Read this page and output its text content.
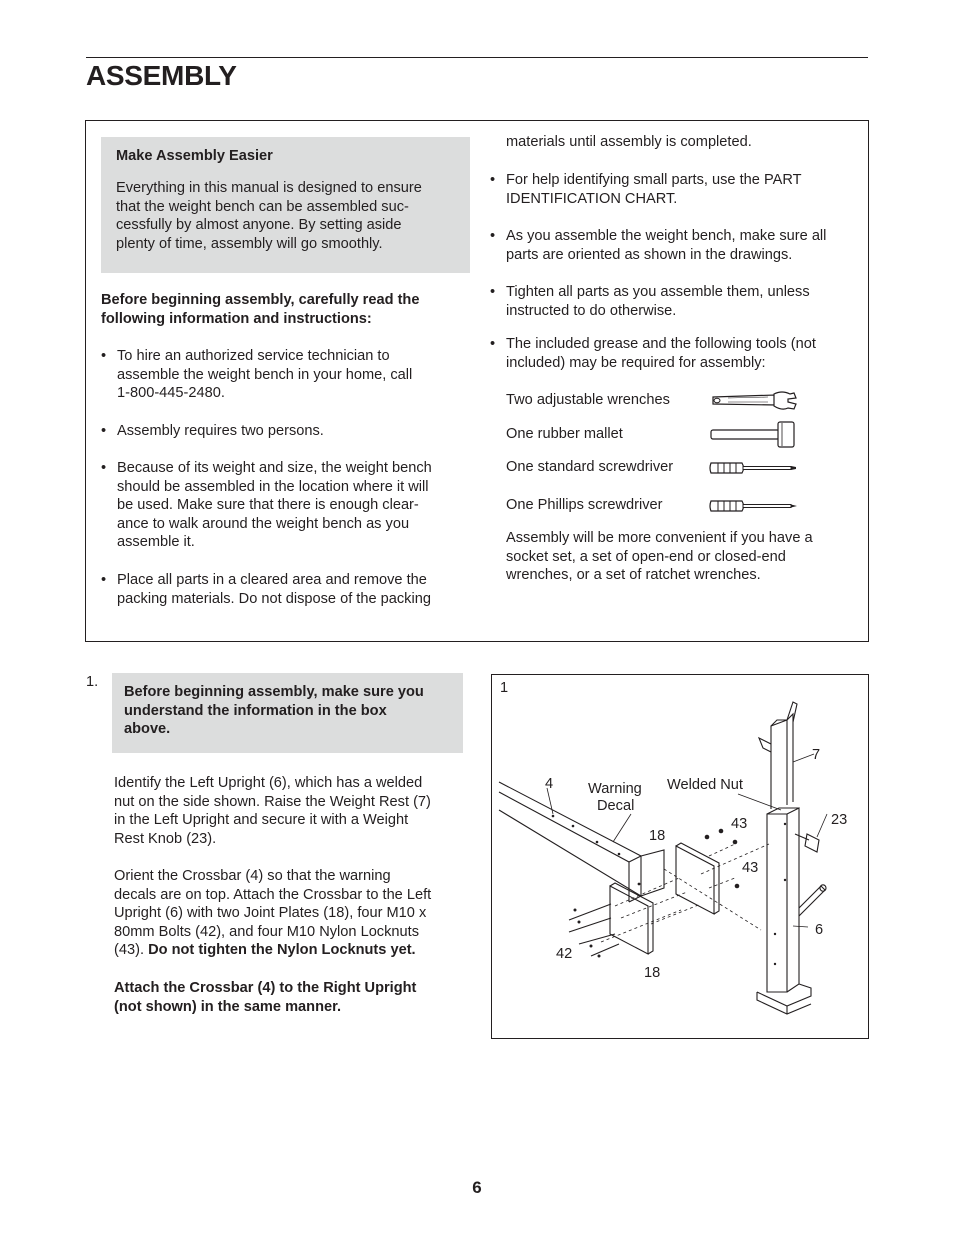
ASSEMBLY
Make Assembly Easier
Everything in this manual is designed to ensure
that the weight bench can be assembled suc-
cessfully by almost anyone. By setting aside
plenty of time, assembly will go smoothly.
Before beginning assembly, carefully read the
following information and instructions:
• To hire an authorized service technician to
assemble the weight bench in your home, call
1-800-445-2480.
• Assembly requires two persons.
• Because of its weight and size, the weight bench
should be assembled in the location where it will
be used. Make sure that there is enough clear-
ance to walk around the weight bench as you
assemble it.
• Place all parts in a cleared area and remove the
packing materials. Do not dispose of the packing
materials until assembly is completed.
• For help identifying small parts, use the PART
IDENTIFICATION CHART.
• As you assemble the weight bench, make sure all
parts are oriented as shown in the drawings.
• Tighten all parts as you assemble them, unless
instructed to do otherwise.
• The included grease and the following tools (not
included) may be required for assembly:
Two adjustable wrenches
One rubber mallet
One standard screwdriver
One Phillips screwdriver
Assembly will be more convenient if you have a
socket set, a set of open-end or closed-end
wrenches, or a set of ratchet wrenches.
1.
Before beginning assembly, make sure you
understand the information in the box
above.
Identify the Left Upright (6), which has a welded
nut on the side shown. Raise the Weight Rest (7)
in the Left Upright and secure it with a Weight
Rest Knob (23).
Orient the Crossbar (4) so that the warning
decals are on top. Attach the Crossbar to the Left
Upright (6) with two Joint Plates (18), four M10 x
80mm Bolts (42), and four M10 Nylon Locknuts
(43). Do not tighten the Nylon Locknuts yet.
Attach the Crossbar (4) to the Right Upright
(not shown) in the same manner.
1
Warning
Decal
Welded Nut
4
7
18
43	23
43
6
42
18
6
